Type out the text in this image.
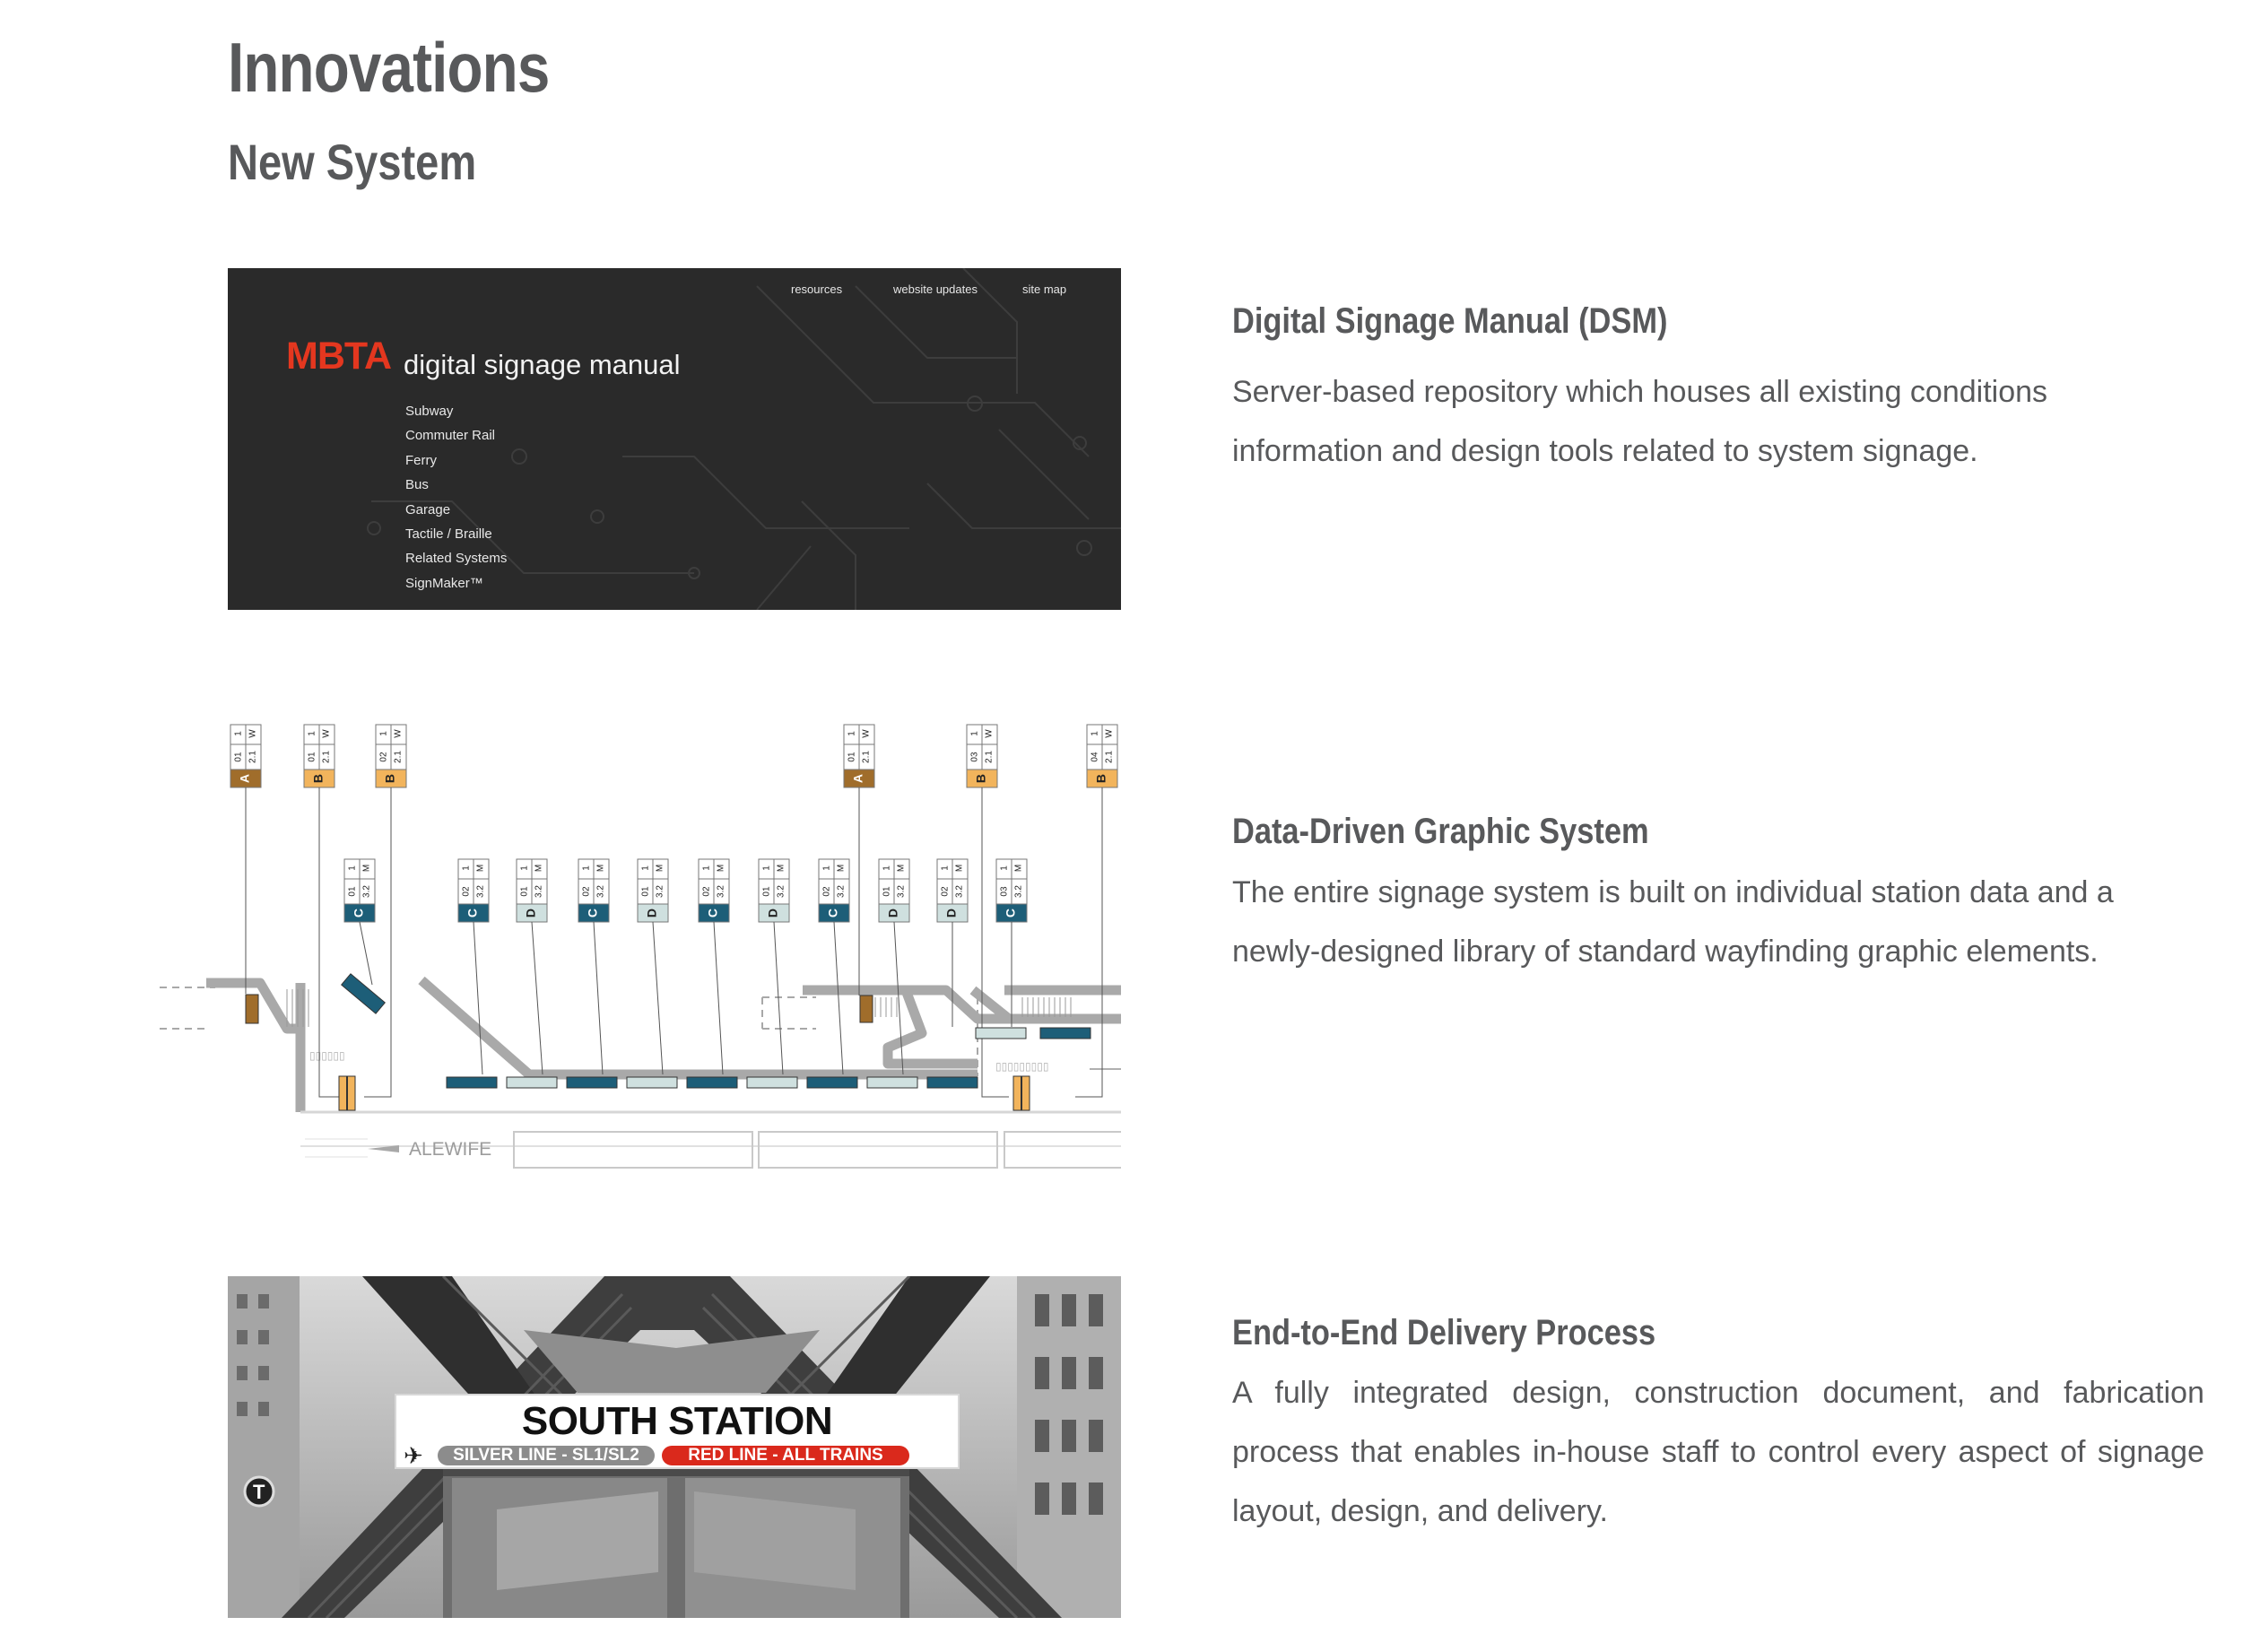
Innovations
New System
resources	website updates	site map
MBTA digital signage manual
Subway
Commuter Rail
Ferry
Bus
Garage
Tactile / Braille
Related Systems
SignMaker™
▯▯▯▯▯▯
▯▯▯▯▯▯▯▯▯
ALEWIFE
1 W
01 2.1
A
1 W
01 2.1
B
1 W
02 2.1
B
1 W
01 2.1
A
1 W
03 2.1
B
1 W
04 2.1
B
1 M
01 3.2
C
1 M
02 3.2
C
1 M
01 3.2
D
1 M
02 3.2
C
1 M
01 3.2
D
1 M
02 3.2
C
1 M
01 3.2
D
1 M
02 3.2
C
1 M
01 3.2
D
1 M
02 3.2
D
1 M
03 3.2
C
T
SOUTH STATION
✈	SILVER LINE - SL1/SL2	RED LINE - ALL TRAINS
Digital Signage Manual (DSM)

Server-based repository which houses all existing conditions information and design tools related to system signage.

Data-Driven Graphic System

The entire signage system is built on individual station data and a newly-designed library of standard wayfinding graphic elements.

End-to-End Delivery Process

A fully integrated design, construction document, and fabrication process that enables in-house staff to control every aspect of signage layout, design, and delivery.
